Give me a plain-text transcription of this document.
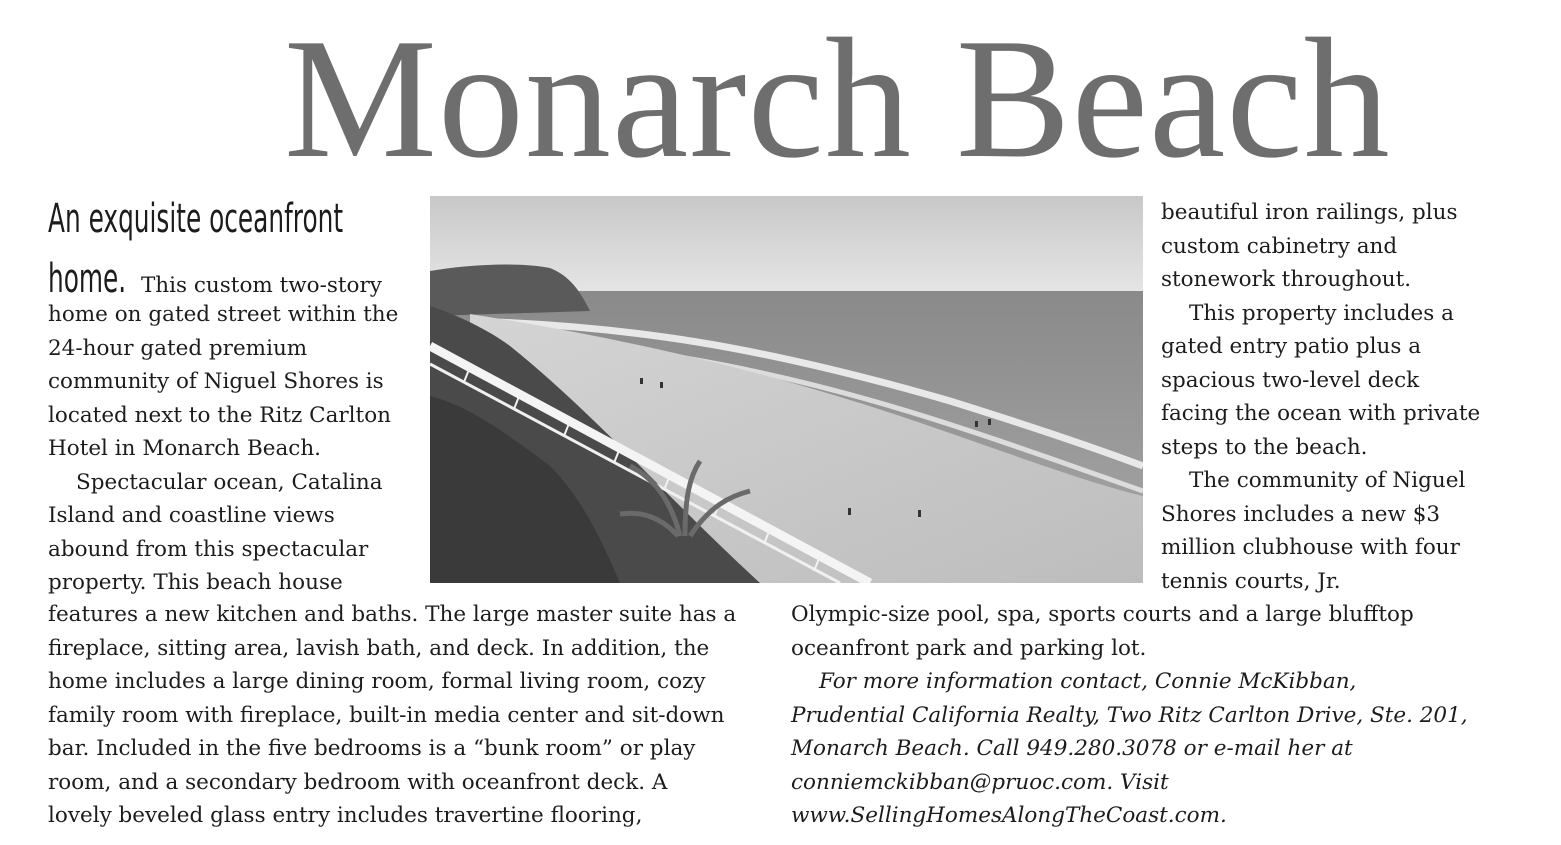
Monarch Beach
An exquisite oceanfront
home. This custom two-story
home on gated street within the
24-hour gated premium
community of Niguel Shores is
located next to the Ritz Carlton
Hotel in Monarch Beach.
Spectacular ocean, Catalina
Island and coastline views
abound from this spectacular
property. This beach house
beautiful iron railings, plus
custom cabinetry and
stonework throughout.
This property includes a
gated entry patio plus a
spacious two-level deck
facing the ocean with private
steps to the beach.
The community of Niguel
Shores includes a new $3
million clubhouse with four
tennis courts, Jr.
features a new kitchen and baths. The large master suite has a
fireplace, sitting area, lavish bath, and deck. In addition, the
home includes a large dining room, formal living room, cozy
family room with fireplace, built-in media center and sit-down
bar. Included in the five bedrooms is a “bunk room” or play
room, and a secondary bedroom with oceanfront deck. A
lovely beveled glass entry includes travertine flooring,
Olympic-size pool, spa, sports courts and a large blufftop
oceanfront park and parking lot.
For more information contact, Connie McKibban,
Prudential California Realty, Two Ritz Carlton Drive, Ste. 201,
Monarch Beach. Call 949.280.3078 or e-mail her at
conniemckibban@pruoc.com. Visit
www.SellingHomesAlongTheCoast.com.
